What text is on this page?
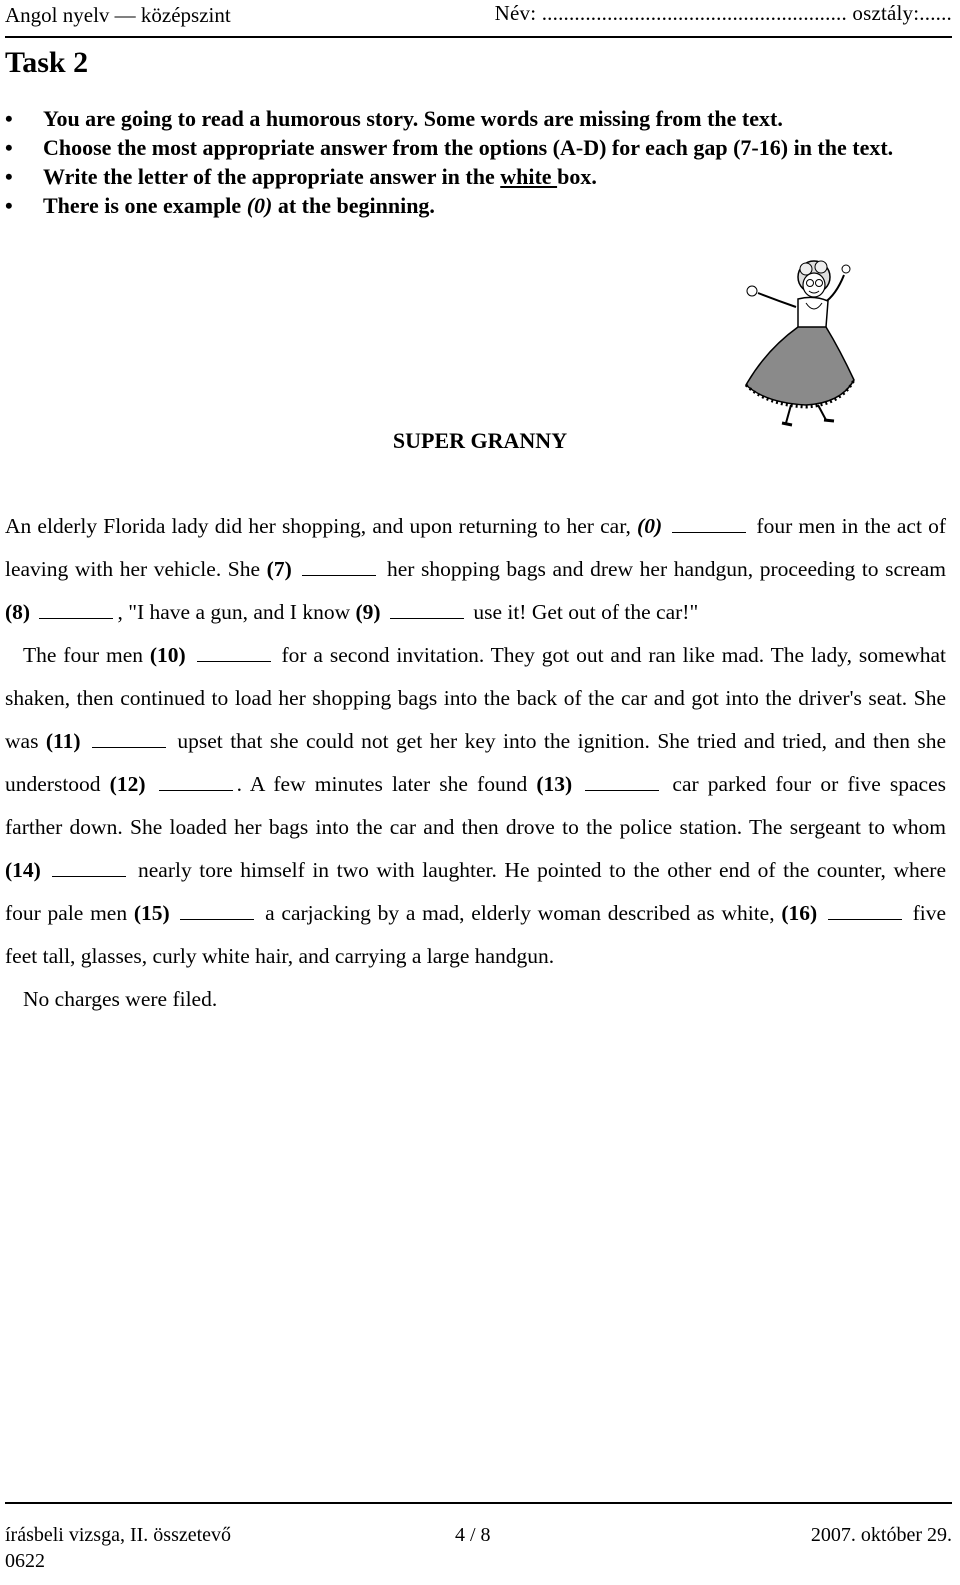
Angol nyelv — középszint	Név: ........................................................ osztály:......
Task 2
• You are going to read a humorous story. Some words are missing from the text.
• Choose the most appropriate answer from the options (A-D) for each gap (7-16) in the text.
• Write the letter of the appropriate answer in the white box.
• There is one example (0) at the beginning.
SUPER GRANNY

An elderly Florida lady did her shopping, and upon returning to her car, (0)	four men in the act of leaving with her vehicle. She (7)	her shopping bags and drew her handgun, proceeding to scream (8)	, "I have a gun, and I know (9)	use it! Get out of the car!"

The four men (10)	for a second invitation. They got out and ran like mad. The lady, somewhat shaken, then continued to load her shopping bags into the back of the car and got into the driver's seat. She was (11)	upset that she could not get her key into the ignition. She tried and tried, and then she understood (12)	. A few minutes later she found (13)	car parked four or five spaces farther down. She loaded her bags into the car and then drove to the police station. The sergeant to whom (14)	nearly tore himself in two with laughter. He pointed to the other end of the counter, where four pale men (15)	a carjacking by a mad, elderly woman described as white, (16)	five feet tall, glasses, curly white hair, and carrying a large handgun.

No charges were filed.

írásbeli vizsga, II. összetevő	4 / 8	2007. október 29.
0622
